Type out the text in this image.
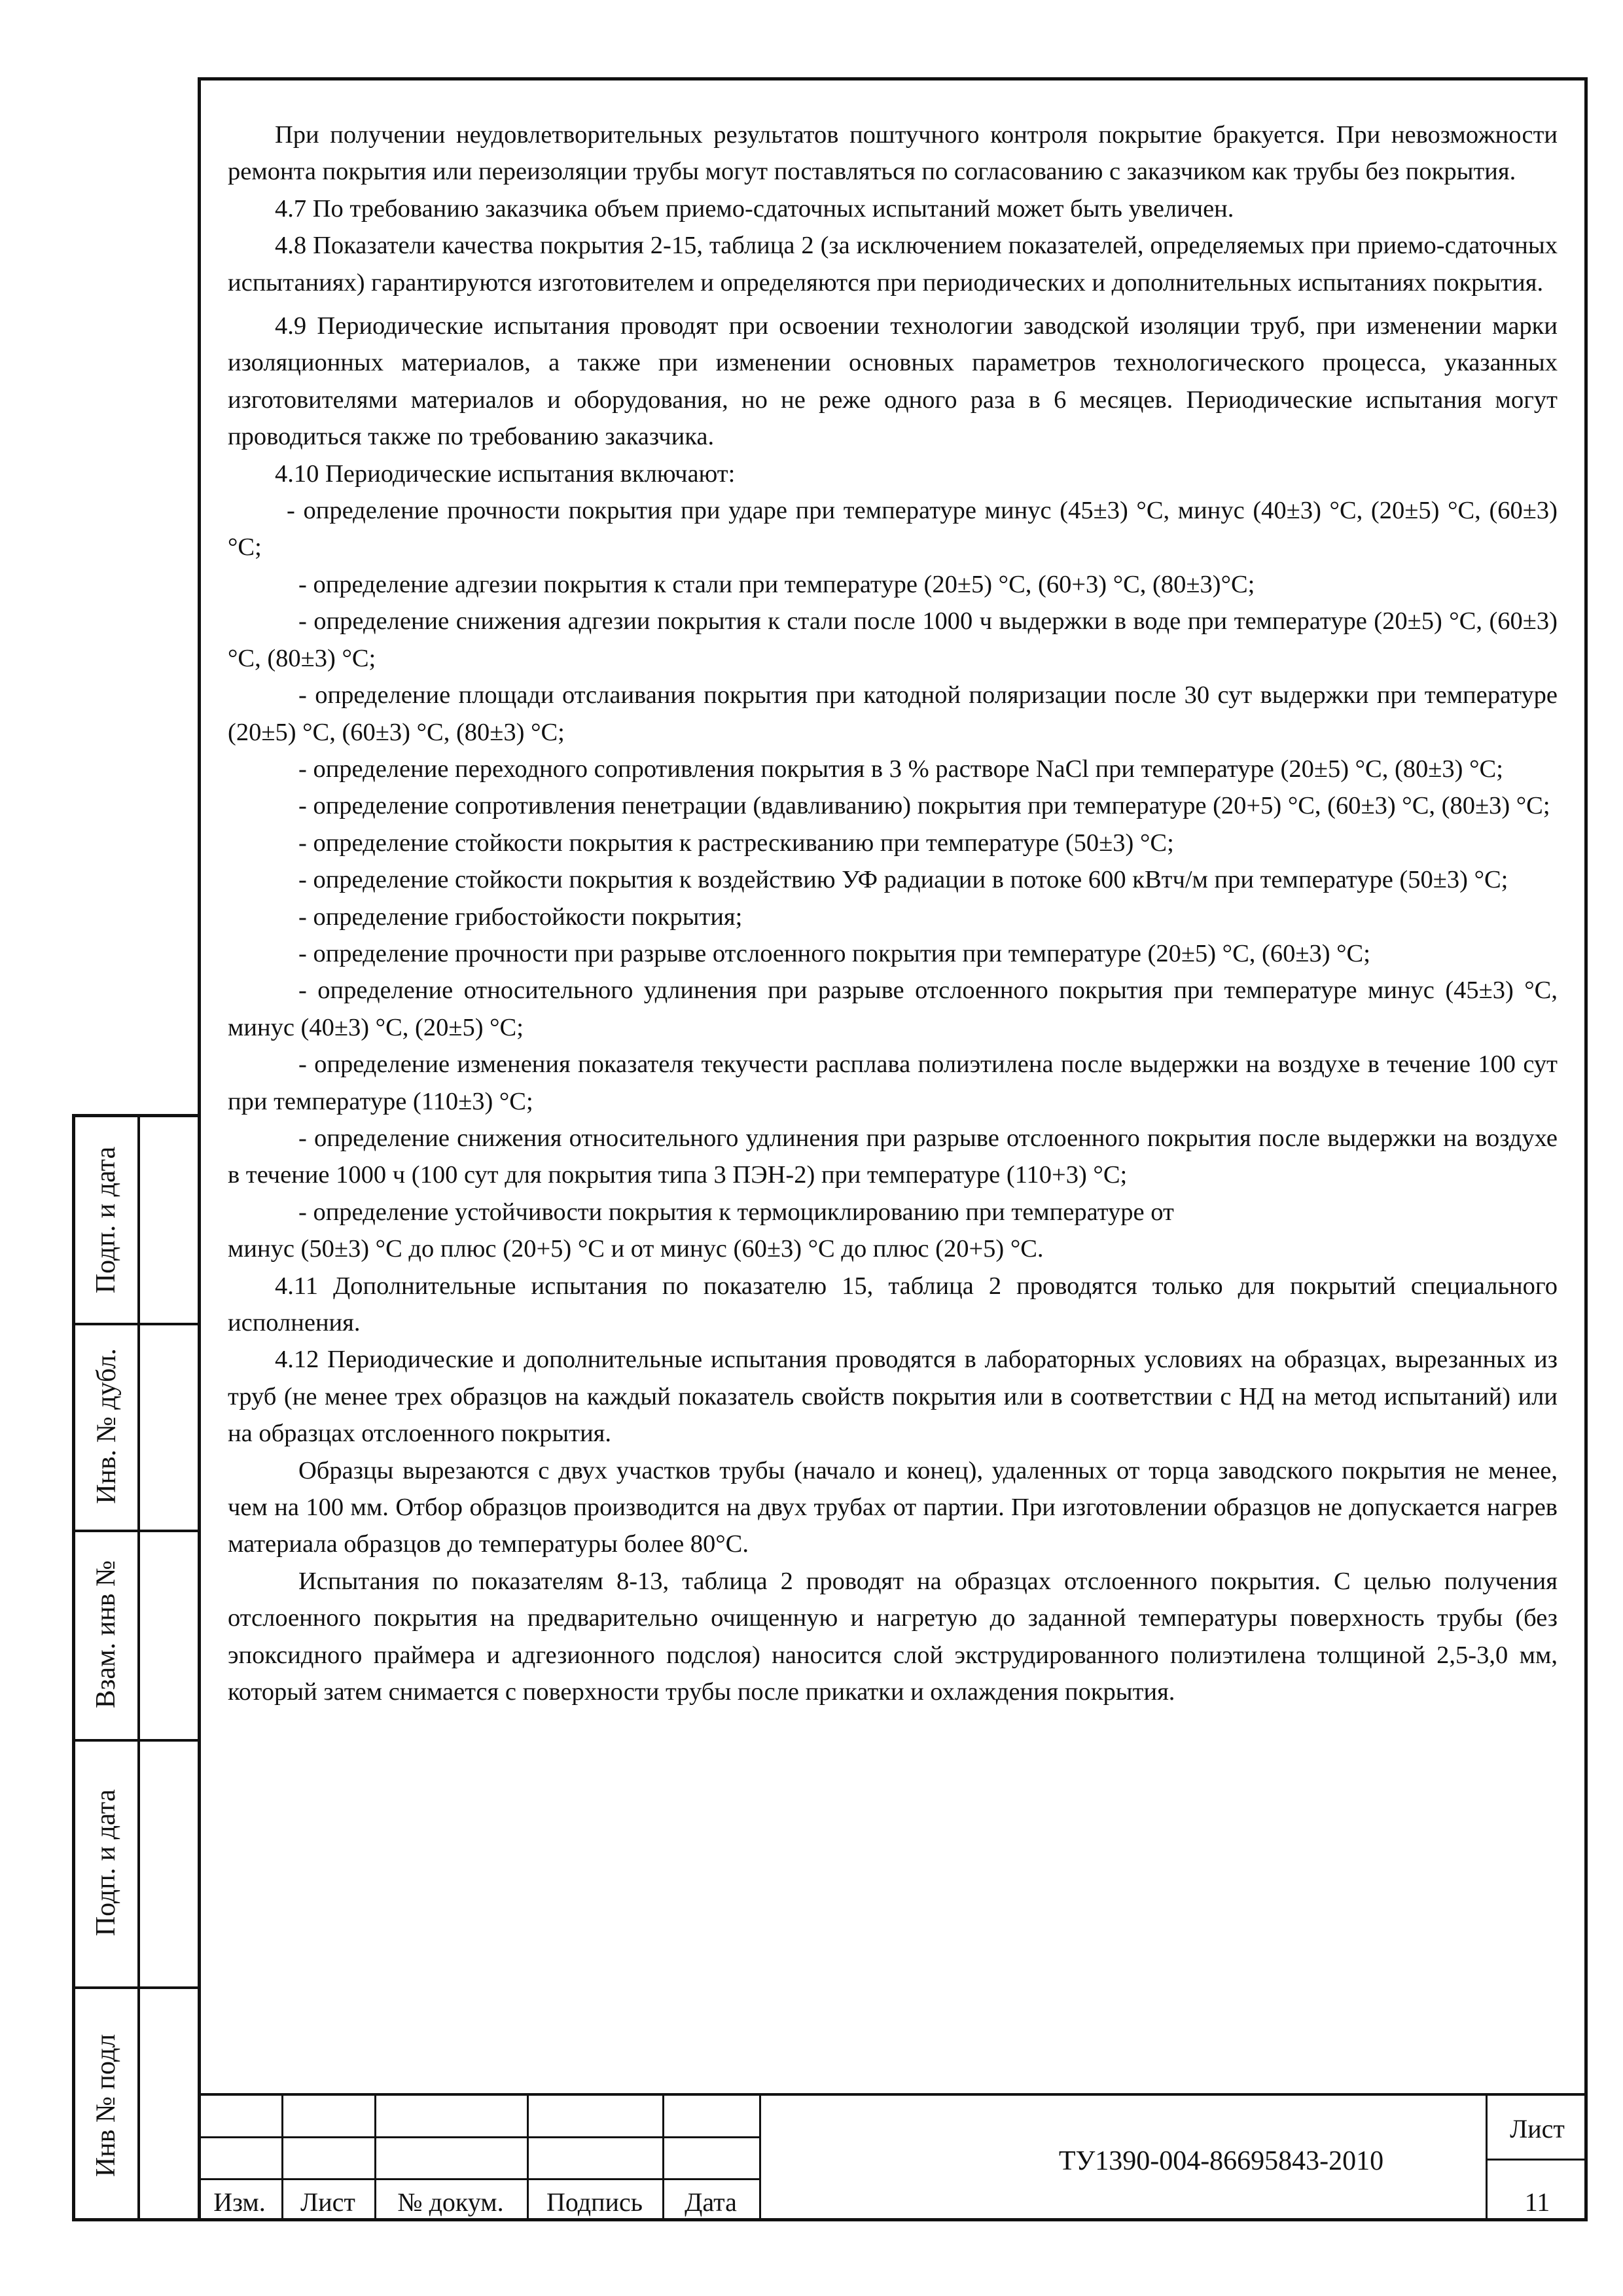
Подп. и дата
Инв. № дубл.
Взам. инв №
Подп. и дата
Инв № подл

При получении неудовлетворительных результатов поштучного контроля покрытие бракуется. При невозможности ремонта покрытия или переизоляции трубы могут поставляться по согласованию с заказчиком как трубы без покрытия.

4.7 По требованию заказчика объем приемо-сдаточных испытаний может быть увеличен.

4.8 Показатели качества покрытия 2-15, таблица 2 (за исключением показателей, определяемых при приемо-сдаточных испытаниях) гарантируются изготовителем и определяются при периодических и дополнительных испытаниях покрытия.

4.9 Периодические испытания проводят при освоении технологии заводской изоляции труб, при изменении марки изоляционных материалов, а также при изменении основных параметров технологического процесса, указанных изготовителями материалов и оборудования, но не реже одного раза в 6 месяцев. Периодические испытания могут проводиться также по требованию заказчика.

4.10 Периодические испытания включают:

- определение прочности покрытия при ударе при температуре минус (45±3) °С, минус (40±3) °С, (20±5) °С, (60±3) °С;

- определение адгезии покрытия к стали при температуре (20±5) °С, (60+3) °С, (80±3)°С;

- определение снижения адгезии покрытия к стали после 1000 ч выдержки в воде при температуре (20±5) °С, (60±3) °С, (80±3) °С;

- определение площади отслаивания покрытия при катодной поляризации после 30 сут выдержки при температуре (20±5) °С, (60±3) °С, (80±3) °С;

- определение переходного сопротивления покрытия в 3 % растворе NaCl при температуре (20±5) °С, (80±3) °С;

- определение сопротивления пенетрации (вдавливанию) покрытия при температуре (20+5) °С, (60±3) °С, (80±3) °С;

- определение стойкости покрытия к растрескиванию при температуре (50±3) °С;

- определение стойкости покрытия к воздействию УФ радиации в потоке 600 кВтч/м при температуре (50±3) °С;

- определение грибостойкости покрытия;

- определение прочности при разрыве отслоенного покрытия при температуре (20±5) °С, (60±3) °С;

- определение относительного удлинения при разрыве отслоенного покрытия при температуре минус (45±3) °С, минус (40±3) °С, (20±5) °С;

- определение изменения показателя текучести расплава полиэтилена после выдержки на воздухе в течение 100 сут при температуре (110±3) °С;

- определение снижения относительного удлинения при разрыве отслоенного покрытия после выдержки на воздухе в течение 1000 ч (100 сут для покрытия типа 3 ПЭН-2) при температуре (110+3) °С;

- определение устойчивости покрытия к термоциклированию при температуре от

минус (50±3) °С до плюс (20+5) °С и от минус (60±3) °С до плюс (20+5) °С.

4.11 Дополнительные испытания по показателю 15, таблица 2 проводятся только для покрытий специального исполнения.

4.12 Периодические и дополнительные испытания проводятся в лабораторных условиях на образцах, вырезанных из труб (не менее трех образцов на каждый показатель свойств покрытия или в соответствии с НД на метод испытаний) или на образцах отслоенного покрытия.

Образцы вырезаются с двух участков трубы (начало и конец), удаленных от торца заводского покрытия не менее, чем на 100 мм. Отбор образцов производится на двух трубах от партии. При изготовлении образцов не допускается нагрев материала образцов до температуры более 80°С.

Испытания по показателям 8-13, таблица 2 проводят на образцах отслоенного покрытия. С целью получения отслоенного покрытия на предварительно очищенную и нагретую до заданной температуры поверхность трубы (без эпоксидного праймера и адгезионного подслоя) наносится слой экструдированного полиэтилена толщиной 2,5-3,0 мм, который затем снимается с поверхности трубы после прикатки и охлаждения покрытия.

Изм.	Лист	№ докум.	Подпись	Дата
ТУ1390-004-86695843-2010
Лист
11
